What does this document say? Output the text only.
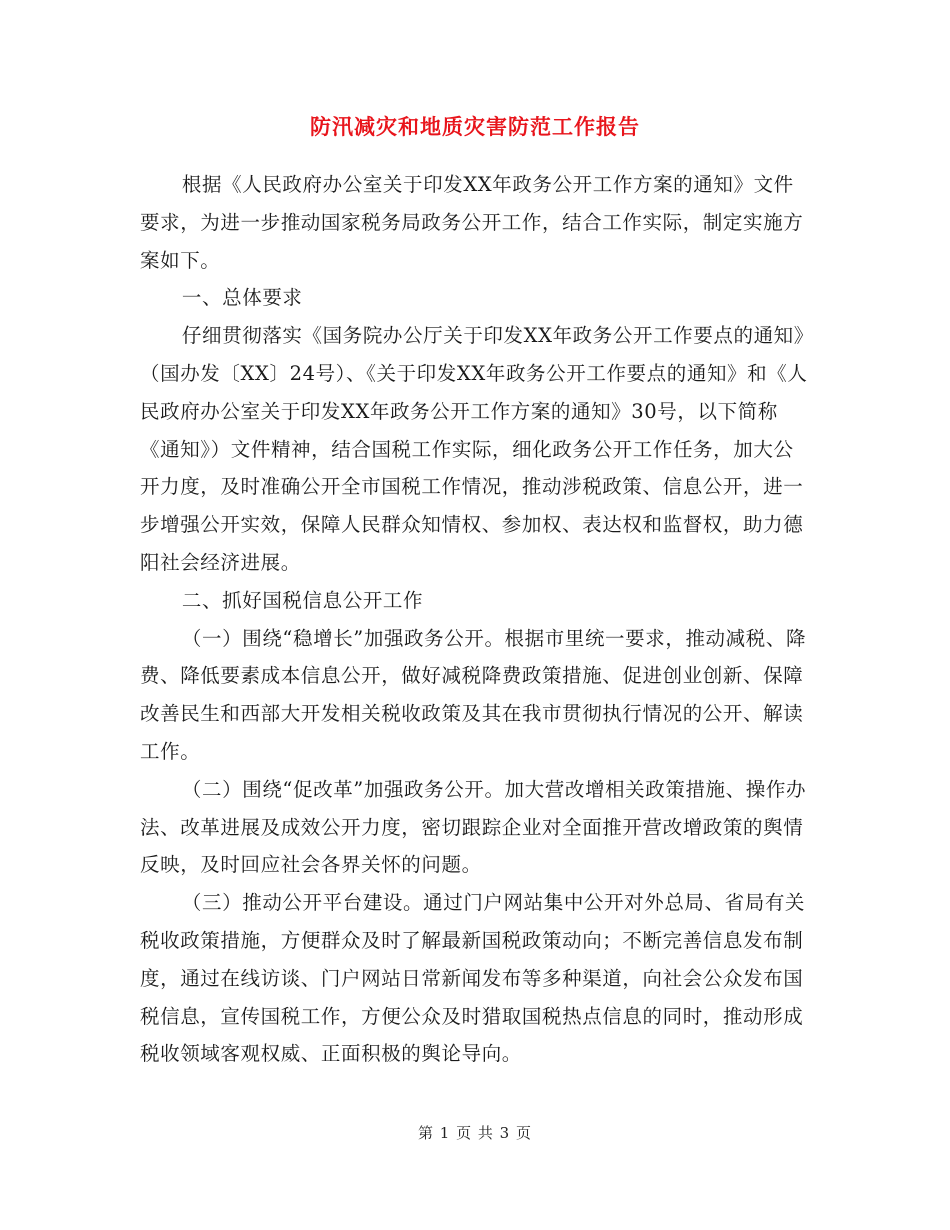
防汛减灾和地质灾害防范工作报告

根据《人民政府办公室关于印发XX年政务公开工作方案的通知》文件要求，为进一步推动国家税务局政务公开工作，结合工作实际，制定实施方案如下。

一、总体要求

仔细贯彻落实《国务院办公厅关于印发XX年政务公开工作要点的通知》（国办发〔XX〕24号）、《关于印发XX年政务公开工作要点的通知》和《人民政府办公室关于印发XX年政务公开工作方案的通知》30号，以下简称《通知》）文件精神，结合国税工作实际，细化政务公开工作任务，加大公开力度，及时准确公开全市国税工作情况，推动涉税政策、信息公开，进一步增强公开实效，保障人民群众知情权、参加权、表达权和监督权，助力德阳社会经济进展。

二、抓好国税信息公开工作

（一）围绕“稳增长”加强政务公开。根据市里统一要求，推动减税、降费、降低要素成本信息公开，做好减税降费政策措施、促进创业创新、保障改善民生和西部大开发相关税收政策及其在我市贯彻执行情况的公开、解读工作。

（二）围绕“促改革”加强政务公开。加大营改增相关政策措施、操作办法、改革进展及成效公开力度，密切跟踪企业对全面推开营改增政策的舆情反映，及时回应社会各界关怀的问题。

（三）推动公开平台建设。通过门户网站集中公开对外总局、省局有关税收政策措施，方便群众及时了解最新国税政策动向；不断完善信息发布制度，通过在线访谈、门户网站日常新闻发布等多种渠道，向社会公众发布国税信息，宣传国税工作，方便公众及时猎取国税热点信息的同时，推动形成税收领域客观权威、正面积极的舆论导向。

第 1 页 共 3 页
